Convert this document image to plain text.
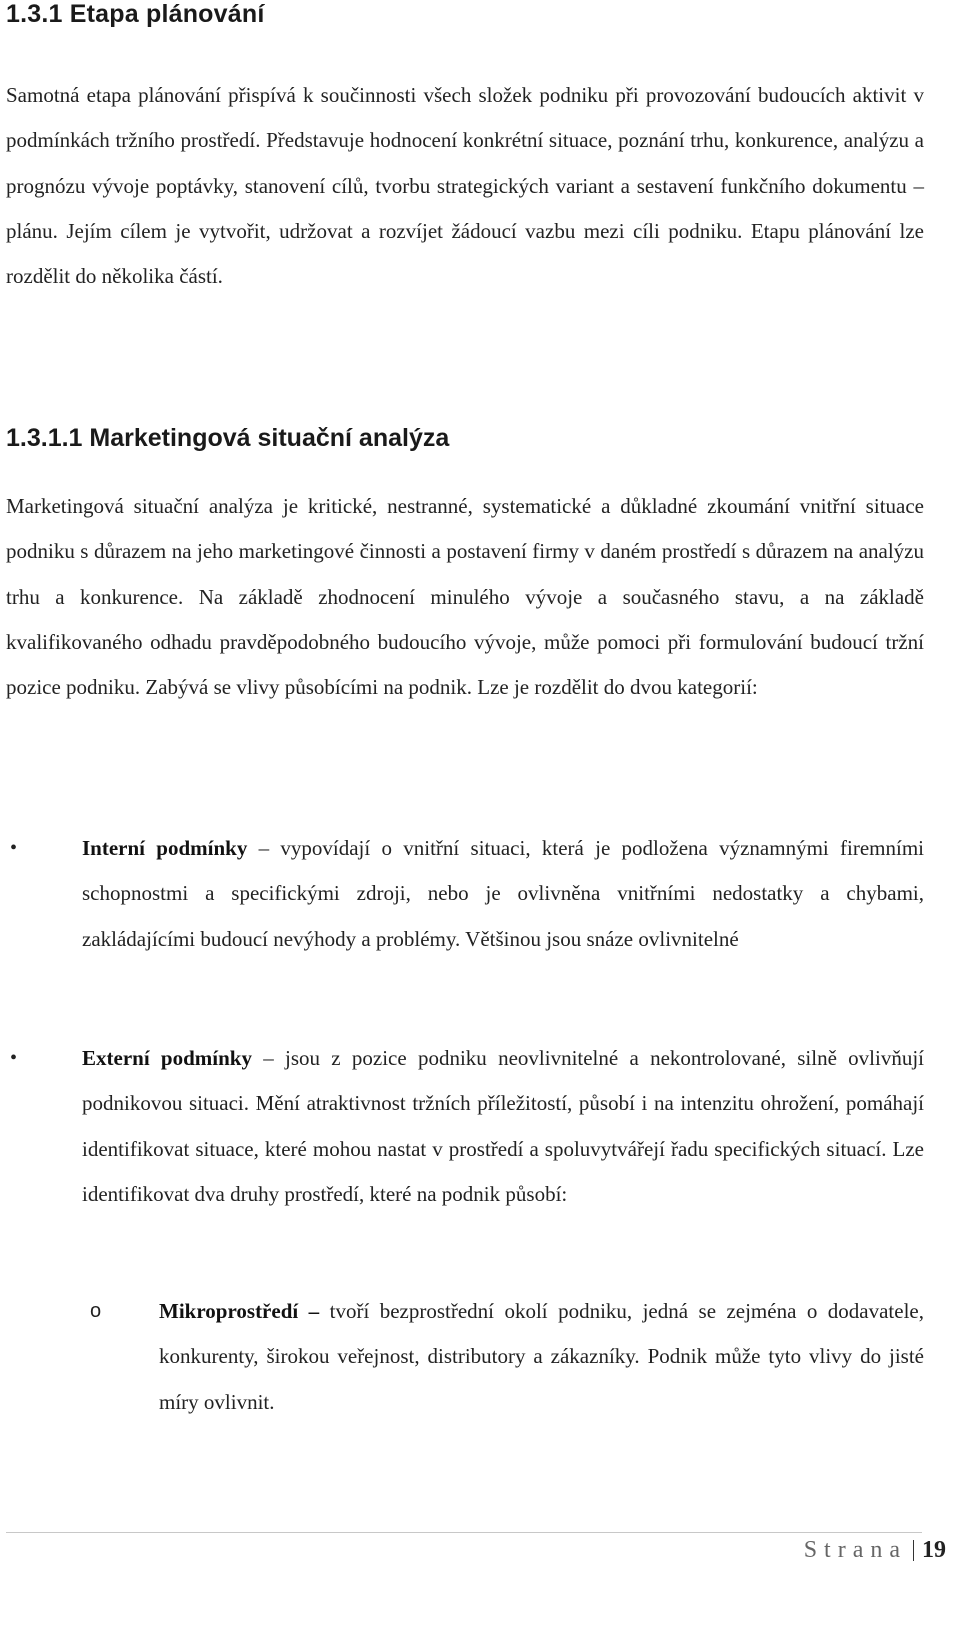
1.3.1 Etapa plánování

Samotná etapa plánování přispívá k součinnosti všech složek podniku při provozování budoucích aktivit v podmínkách tržního prostředí. Představuje hodnocení konkrétní situace, poznání trhu, konkurence, analýzu a prognózu vývoje poptávky, stanovení cílů, tvorbu strategických variant a sestavení funkčního dokumentu – plánu. Jejím cílem je vytvořit, udržovat a rozvíjet žádoucí vazbu mezi cíli podniku. Etapu plánování lze rozdělit do několika částí.

1.3.1.1 Marketingová situační analýza

Marketingová situační analýza je kritické, nestranné, systematické a důkladné zkoumání vnitřní situace podniku s důrazem na jeho marketingové činnosti a postavení firmy v daném prostředí s důrazem na analýzu trhu a konkurence. Na základě zhodnocení minulého vývoje a současného stavu, a na základě kvalifikovaného odhadu pravděpodobného budoucího vývoje, může pomoci při formulování budoucí tržní pozice podniku. Zabývá se vlivy působícími na podnik. Lze je rozdělit do dvou kategorií:

•	Interní podmínky – vypovídají o vnitřní situaci, která je podložena významnými firemními schopnostmi a specifickými zdroji, nebo je ovlivněna vnitřními nedostatky a chybami, zakládajícími budoucí nevýhody a problémy. Většinou jsou snáze ovlivnitelné
•	Externí podmínky – jsou z pozice podniku neovlivnitelné a nekontrolované, silně ovlivňují podnikovou situaci. Mění atraktivnost tržních příležitostí, působí i na intenzitu ohrožení, pomáhají identifikovat situace, které mohou nastat v prostředí a spoluvytvářejí řadu specifických situací. Lze identifikovat dva druhy prostředí, které na podnik působí:
o	Mikroprostředí – tvoří bezprostřední okolí podniku, jedná se zejména o dodavatele, konkurenty, širokou veřejnost, distributory a zákazníky. Podnik může tyto vlivy do jisté míry ovlivnit.
Strana 19
